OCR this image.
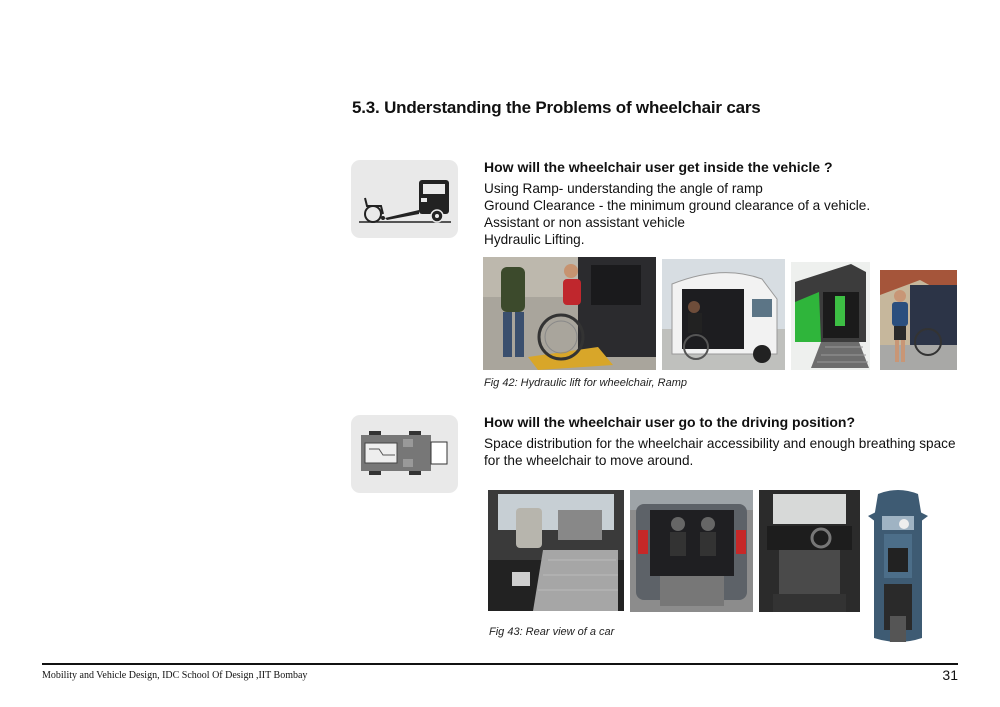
5.3. Understanding the Problems of wheelchair cars
How will the wheelchair user get inside the vehicle ?
Using Ramp- understanding the angle of ramp
Ground Clearance - the minimum ground clearance of a vehicle.
Assistant or non assistant vehicle
Hydraulic Lifting.
Fig 42: Hydraulic lift for wheelchair, Ramp
How will the wheelchair user go to the driving position?
Space distribution for the wheelchair accessibility and enough breathing space
for the wheelchair to move around.
Fig 43: Rear view of a car
Mobility and Vehicle Design, IDC School Of Design ,IIT Bombay	31
